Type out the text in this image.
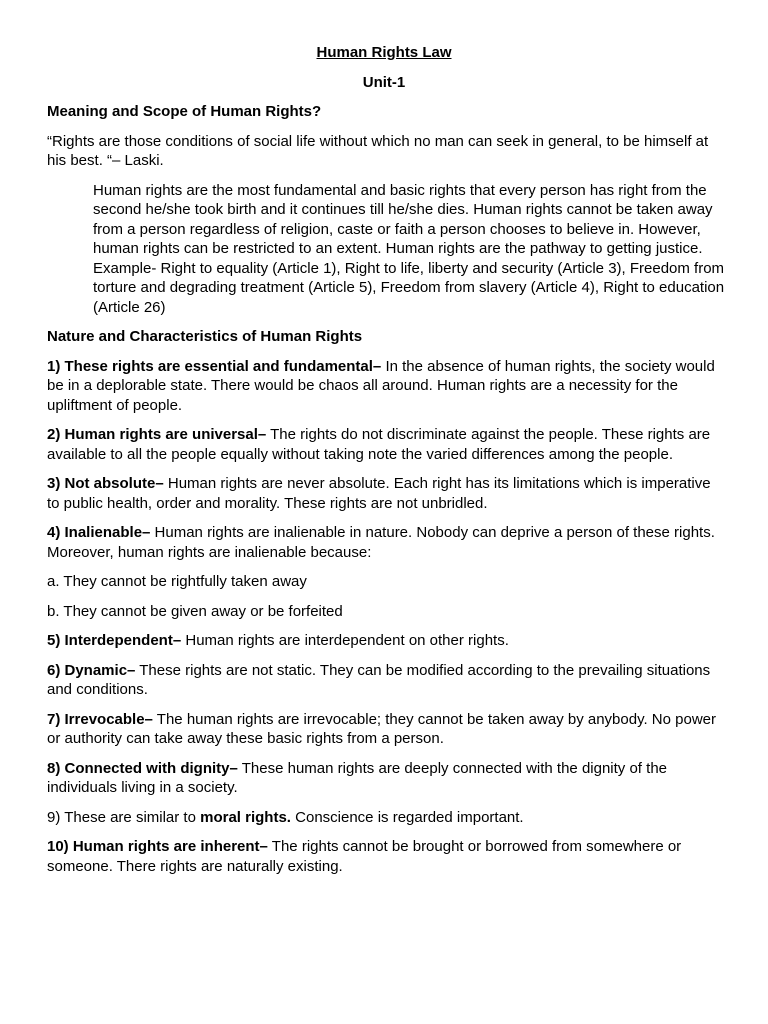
Human Rights Law
Unit-1

Meaning and Scope of Human Rights?

“Rights are those conditions of social life without which no man can seek in general, to be himself at his best. “– Laski.

Human rights are the most fundamental and basic rights that every person has right from the second he/she took birth and it continues till he/she dies. Human rights cannot be taken away from a person regardless of religion, caste or faith a person chooses to believe in. However, human rights can be restricted to an extent. Human rights are the pathway to getting justice. Example- Right to equality (Article 1), Right to life, liberty and security (Article 3), Freedom from torture and degrading treatment (Article 5), Freedom from slavery (Article 4), Right to education (Article 26)

Nature and Characteristics of Human Rights

1) These rights are essential and fundamental– In the absence of human rights, the society would be in a deplorable state. There would be chaos all around. Human rights are a necessity for the upliftment of people.

2) Human rights are universal– The rights do not discriminate against the people. These rights are available to all the people equally without taking note the varied differences among the people.

3) Not absolute– Human rights are never absolute. Each right has its limitations which is imperative to public health, order and morality. These rights are not unbridled.

4) Inalienable– Human rights are inalienable in nature. Nobody can deprive a person of these rights. Moreover, human rights are inalienable because:

a. They cannot be rightfully taken away

b. They cannot be given away or be forfeited

5) Interdependent– Human rights are interdependent on other rights.

6) Dynamic– These rights are not static. They can be modified according to the prevailing situations and conditions.

7) Irrevocable– The human rights are irrevocable; they cannot be taken away by anybody. No power or authority can take away these basic rights from a person.

8) Connected with dignity– These human rights are deeply connected with the dignity of the individuals living in a society.

9) These are similar to moral rights. Conscience is regarded important.

10) Human rights are inherent– The rights cannot be brought or borrowed from somewhere or someone. There rights are naturally existing.
